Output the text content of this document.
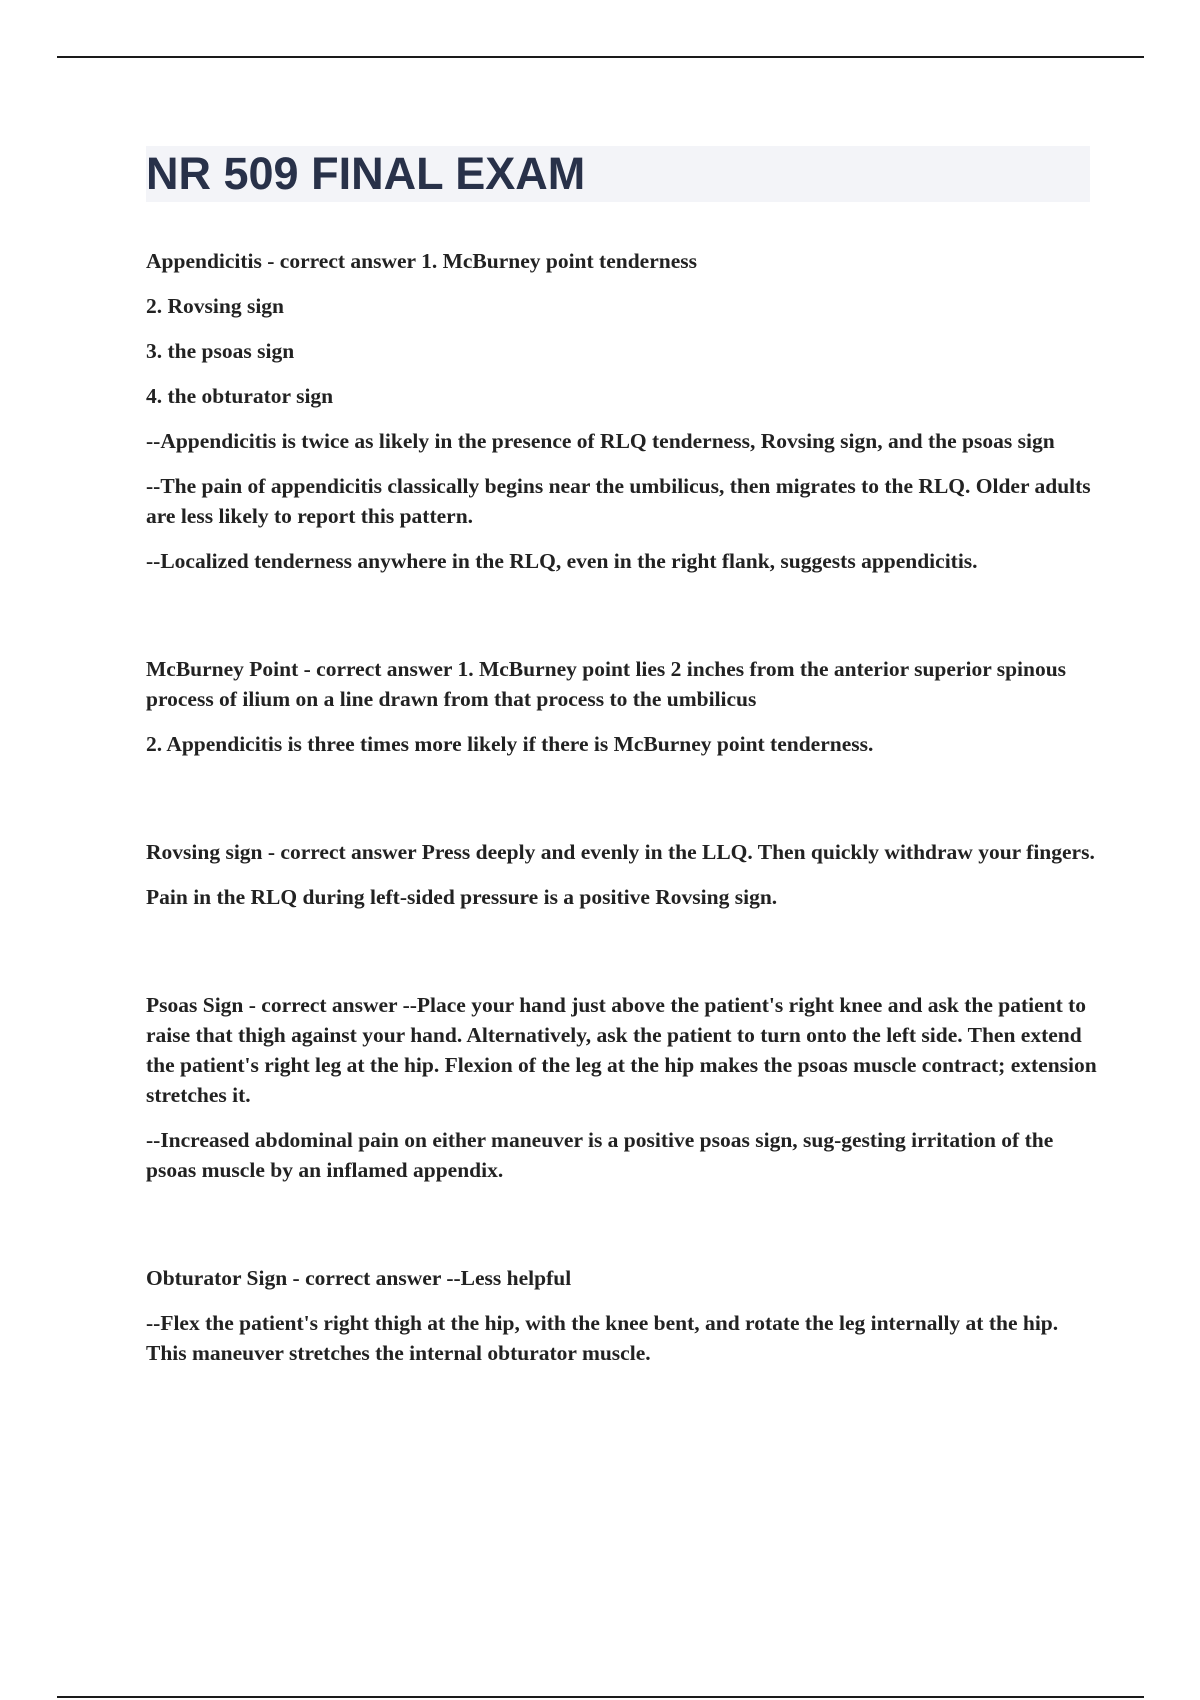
NR 509 FINAL EXAM

Appendicitis - correct answer 1. McBurney point tenderness

2. Rovsing sign

3. the psoas sign

4. the obturator sign

--Appendicitis is twice as likely in the presence of RLQ tenderness, Rovsing sign, and the psoas sign

--The pain of appendicitis classically begins near the umbilicus, then migrates to the RLQ. Older adults are less likely to report this pattern.

--Localized tenderness anywhere in the RLQ, even in the right flank, suggests appendicitis.

McBurney Point - correct answer 1. McBurney point lies 2 inches from the anterior superior spinous process of ilium on a line drawn from that process to the umbilicus

2. Appendicitis is three times more likely if there is McBurney point tenderness.

Rovsing sign - correct answer Press deeply and evenly in the LLQ. Then quickly withdraw your fingers.

Pain in the RLQ during left-sided pressure is a positive Rovsing sign.

Psoas Sign - correct answer --Place your hand just above the patient's right knee and ask the patient to raise that thigh against your hand. Alternatively, ask the patient to turn onto the left side. Then extend the patient's right leg at the hip. Flexion of the leg at the hip makes the psoas muscle contract; extension stretches it.

--Increased abdominal pain on either maneuver is a positive psoas sign, sug-gesting irritation of the psoas muscle by an inflamed appendix.

Obturator Sign - correct answer --Less helpful

--Flex the patient's right thigh at the hip, with the knee bent, and rotate the leg internally at the hip. This maneuver stretches the internal obturator muscle.
